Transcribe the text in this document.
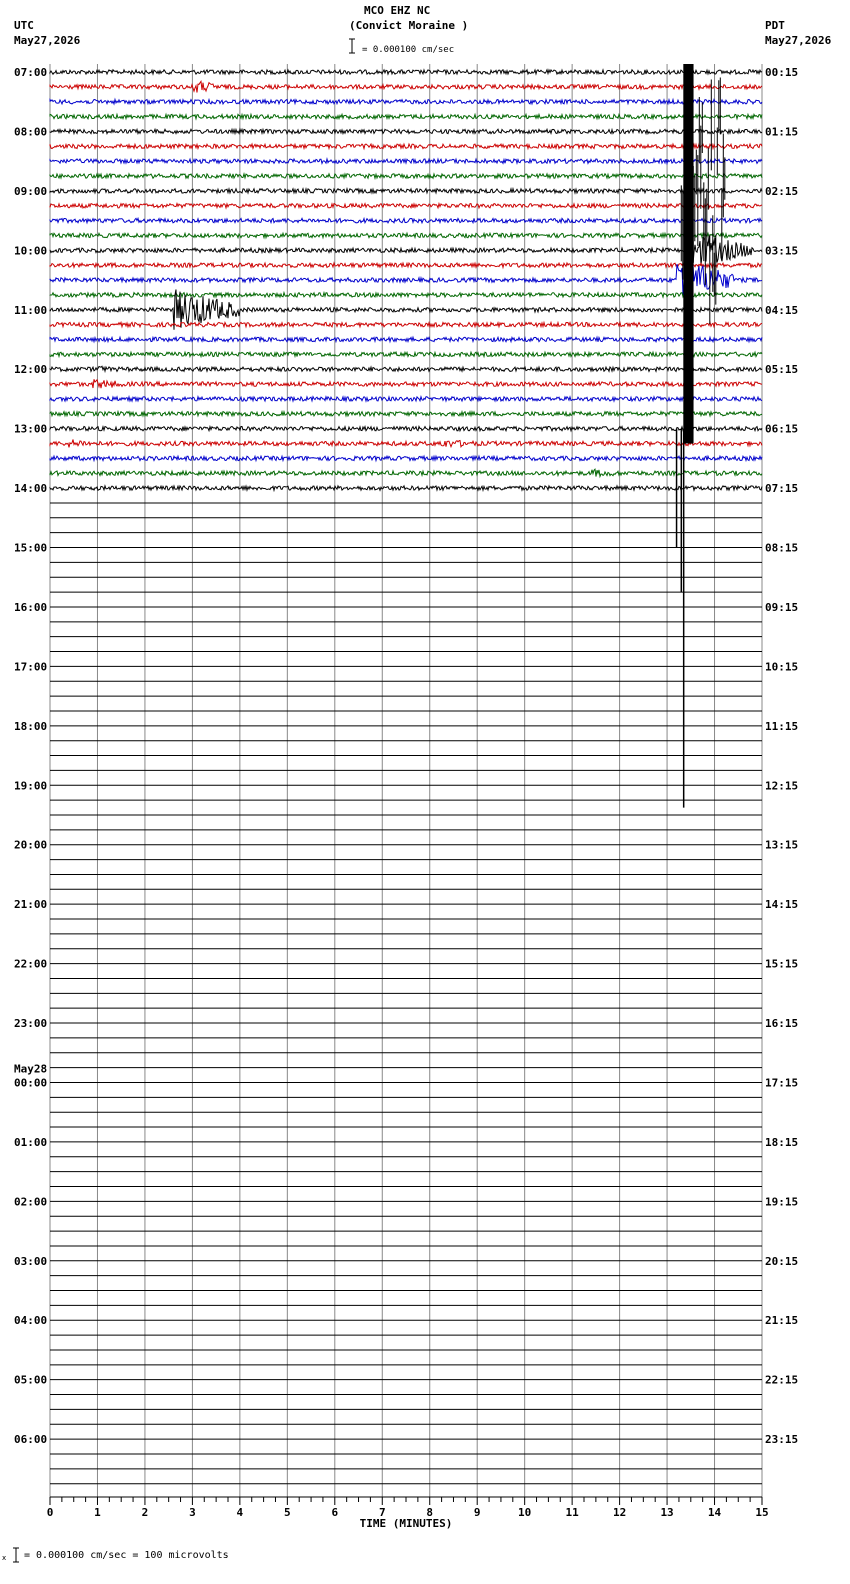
0	1	2	3	4	5	6	7	8	9	10	11	12	13	14	15
TIME (MINUTES)
07:00
08:00
09:00
10:00
11:00
12:00
13:00
14:00
15:00
16:00
17:00
18:00
19:00
20:00
21:00
22:00
23:00
May28
00:00
01:00
02:00
03:00
04:00
05:00
06:00
00:15
01:15
02:15
03:15
04:15
05:15
06:15
07:15
08:15
09:15
10:15
11:15
12:15
13:15
14:15
15:15
16:15
17:15
18:15
19:15
20:15
21:15
22:15
23:15
MCO EHZ NC
(Convict Moraine )
= 0.000100 cm/sec
UTC
May27,2026
PDT
May27,2026
x = 0.000100 cm/sec = 100 microvolts
